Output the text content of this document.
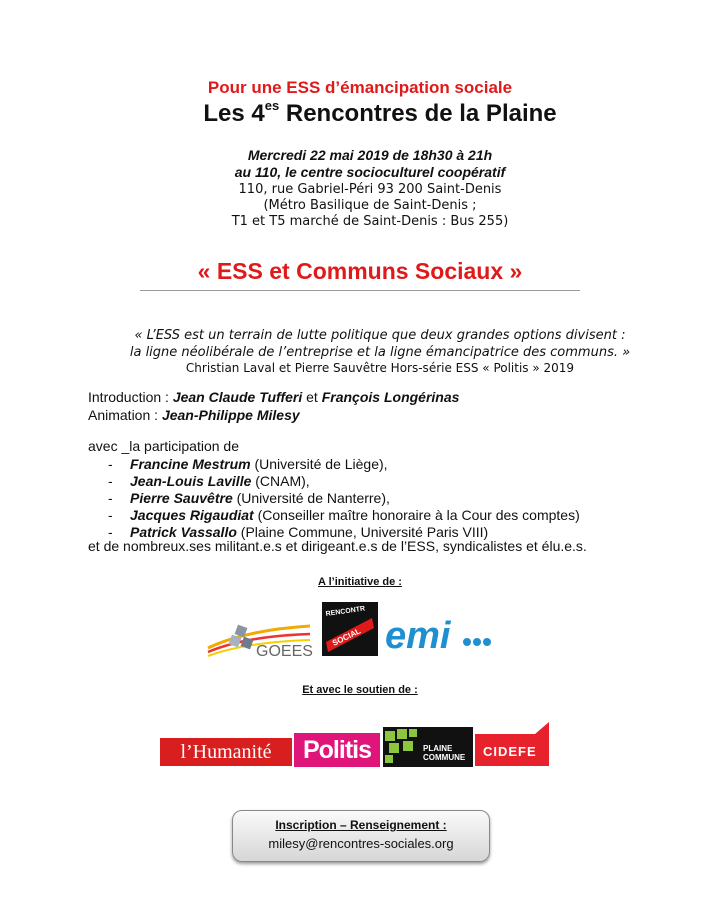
Pour une ESS d’émancipation sociale
Les $4^{es}$ Rencontres de la Plaine
Mercredi 22 mai 2019 de 18h30 à 21h
au 110, le centre socioculturel coopératif
110, rue Gabriel-Péri 93 200 Saint-Denis
(Métro Basilique de Saint-Denis ;
T1 et T5 marché de Saint-Denis : Bus 255)
« ESS et Communs Sociaux »
« L’ESS est un terrain de lutte politique que deux grandes options divisent :
la ligne néolibérale de l’entreprise et la ligne émancipatrice des communs. »
Christian Laval et Pierre Sauvêtre Hors-série ESS « Politis » 2019
Introduction : Jean Claude Tufferi et François Longérinas
Animation : Jean-Philippe Milesy
avec _la participation de
- Francine Mestrum (Université de Liège),
- Jean-Louis Laville (CNAM),
- Pierre Sauvêtre (Université de Nanterre),
- Jacques Rigaudiat (Conseiller maître honoraire à la Cour des comptes)
- Patrick Vassallo (Plaine Commune, Université Paris VIII)
et de nombreux.ses militant.e.s et dirigeant.e.s de l’ESS, syndicalistes et élu.e.s.
A l’initiative de :
GOEES
RENCONTR
SOCIAL emi
Et avec le soutien de :
l’Humanité	Politis	PLAINE
COMMUNE CIDEFE
Inscription – Renseignement :
milesy@rencontres-sociales.org
